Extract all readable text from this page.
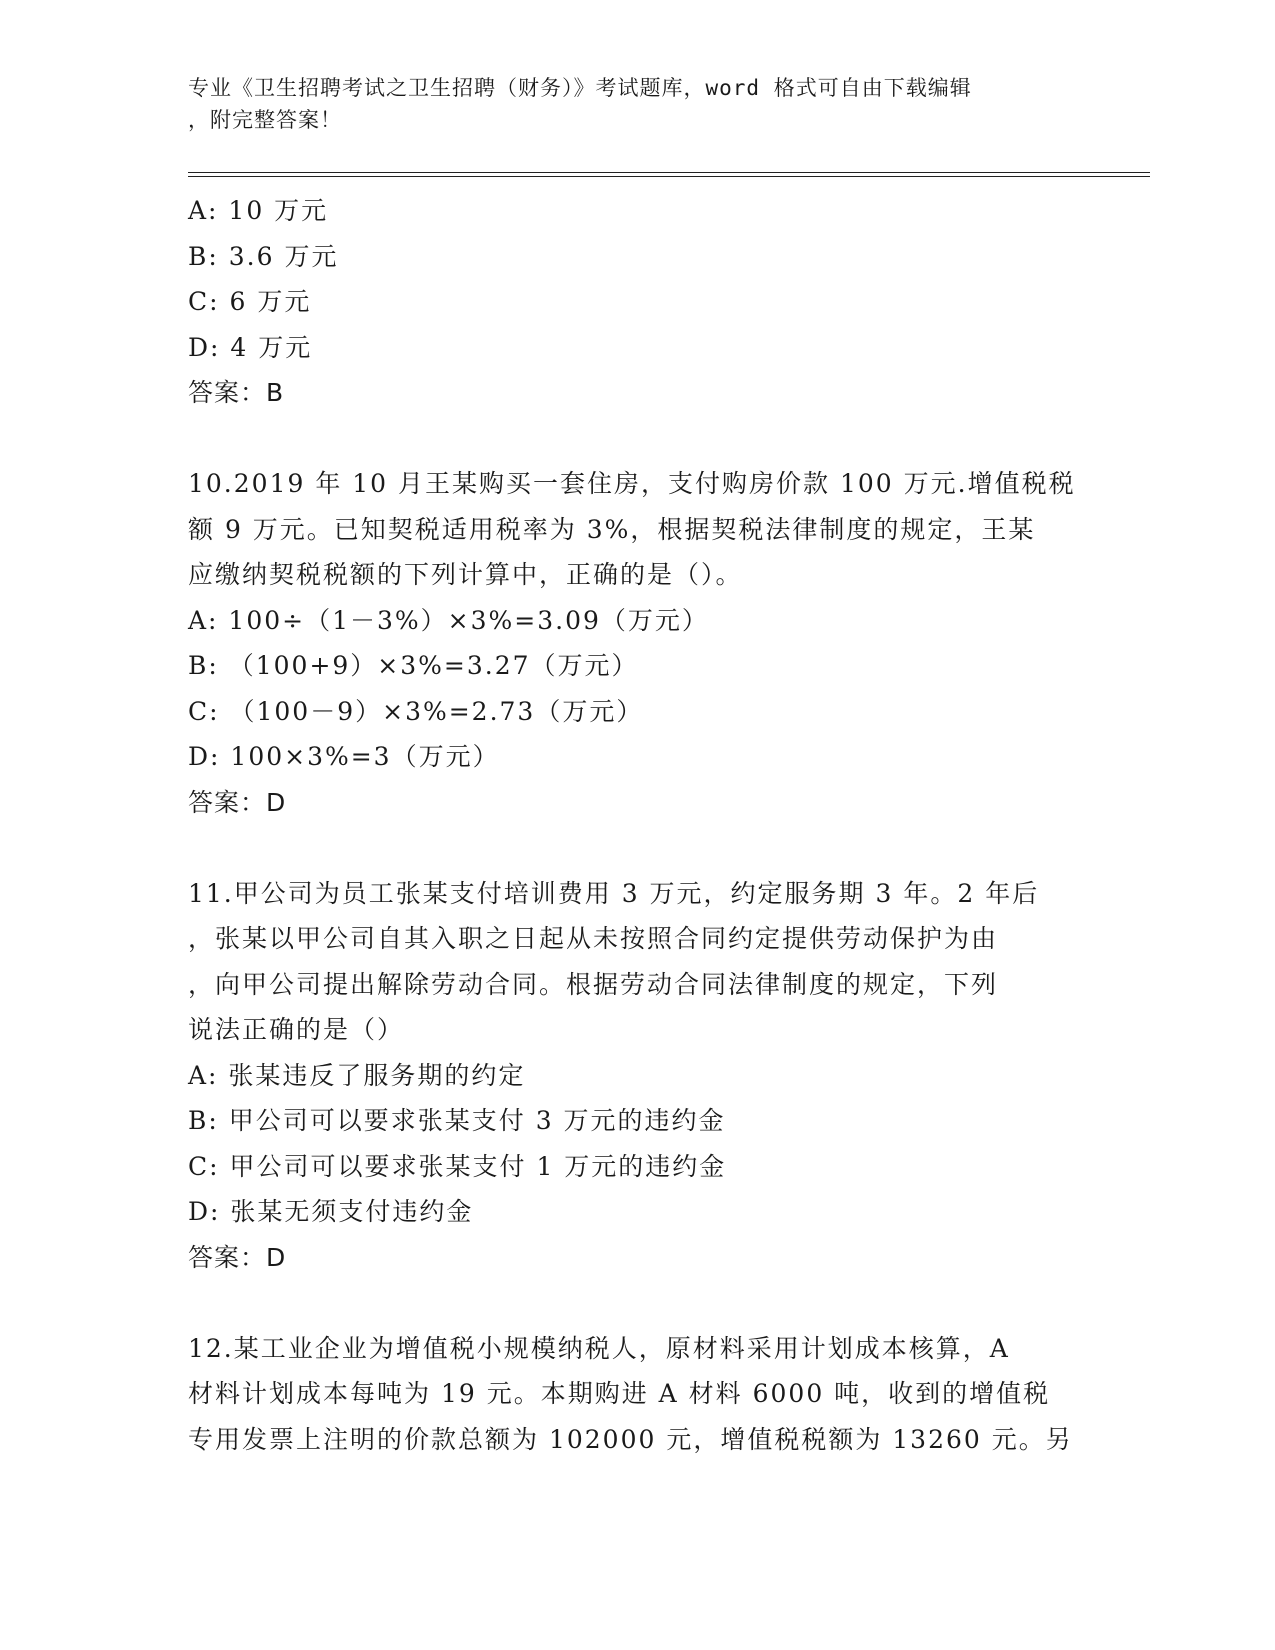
专业《卫生招聘考试之卫生招聘（财务）》考试题库，word 格式可自由下载编辑
，附完整答案！
A: 10 万元
B: 3.6 万元
C: 6 万元
D: 4 万元
答案：B
10.2019 年 10 月王某购买一套住房，支付购房价款 100 万元.增值税税
额 9 万元。已知契税适用税率为 3%，根据契税法律制度的规定，王某
应缴纳契税税额的下列计算中，正确的是（）。
A: 100÷（1－3%）×3%=3.09（万元）
B: （100+9）×3%=3.27（万元）
C: （100－9）×3%=2.73（万元）
D: 100×3%=3（万元）
答案：D
11.甲公司为员工张某支付培训费用 3 万元，约定服务期 3 年。2 年后
，张某以甲公司自其入职之日起从未按照合同约定提供劳动保护为由
，向甲公司提出解除劳动合同。根据劳动合同法律制度的规定，下列
说法正确的是（）
A: 张某违反了服务期的约定
B: 甲公司可以要求张某支付 3 万元的违约金
C: 甲公司可以要求张某支付 1 万元的违约金
D: 张某无须支付违约金
答案：D
12.某工业企业为增值税小规模纳税人，原材料采用计划成本核算，A
材料计划成本每吨为 19 元。本期购进 A 材料 6000 吨，收到的增值税
专用发票上注明的价款总额为 102000 元，增值税税额为 13260 元。另
